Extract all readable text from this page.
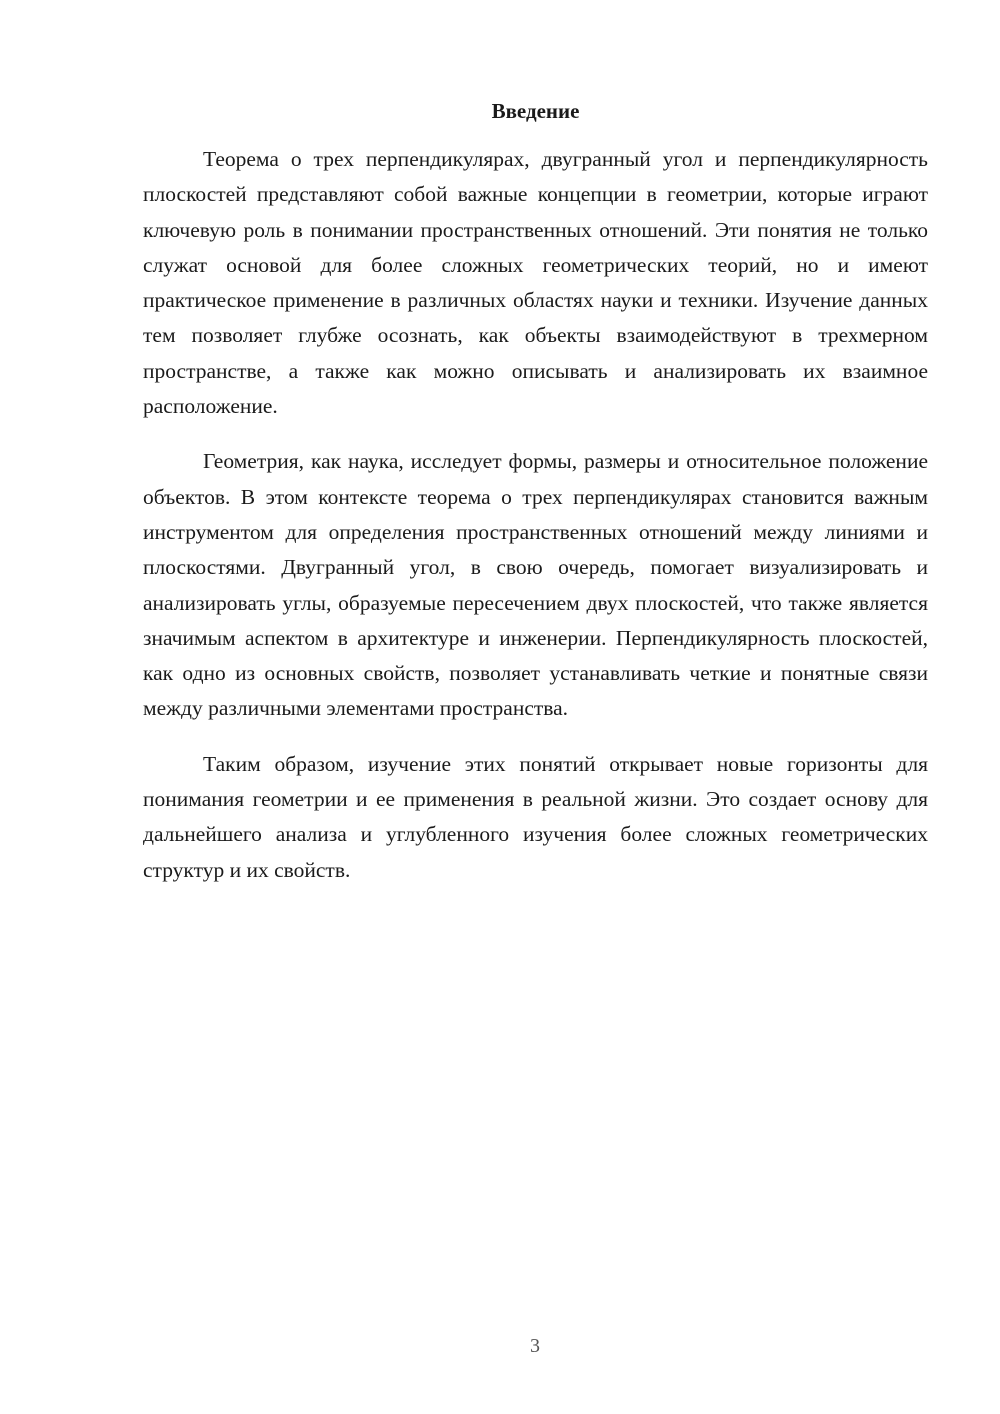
Введение

Теорема о трех перпендикулярах, двугранный угол и перпендикулярность плоскостей представляют собой важные концепции в геометрии, которые играют ключевую роль в понимании пространственных отношений. Эти понятия не только служат основой для более сложных геометрических теорий, но и имеют практическое применение в различных областях науки и техники. Изучение данных тем позволяет глубже осознать, как объекты взаимодействуют в трехмерном пространстве, а также как можно описывать и анализировать их взаимное расположение.

Геометрия, как наука, исследует формы, размеры и относительное положение объектов. В этом контексте теорема о трех перпендикулярах становится важным инструментом для определения пространственных отношений между линиями и плоскостями. Двугранный угол, в свою очередь, помогает визуализировать и анализировать углы, образуемые пересечением двух плоскостей, что также является значимым аспектом в архитектуре и инженерии. Перпендикулярность плоскостей, как одно из основных свойств, позволяет устанавливать четкие и понятные связи между различными элементами пространства.

Таким образом, изучение этих понятий открывает новые горизонты для понимания геометрии и ее применения в реальной жизни. Это создает основу для дальнейшего анализа и углубленного изучения более сложных геометрических структур и их свойств.

3
